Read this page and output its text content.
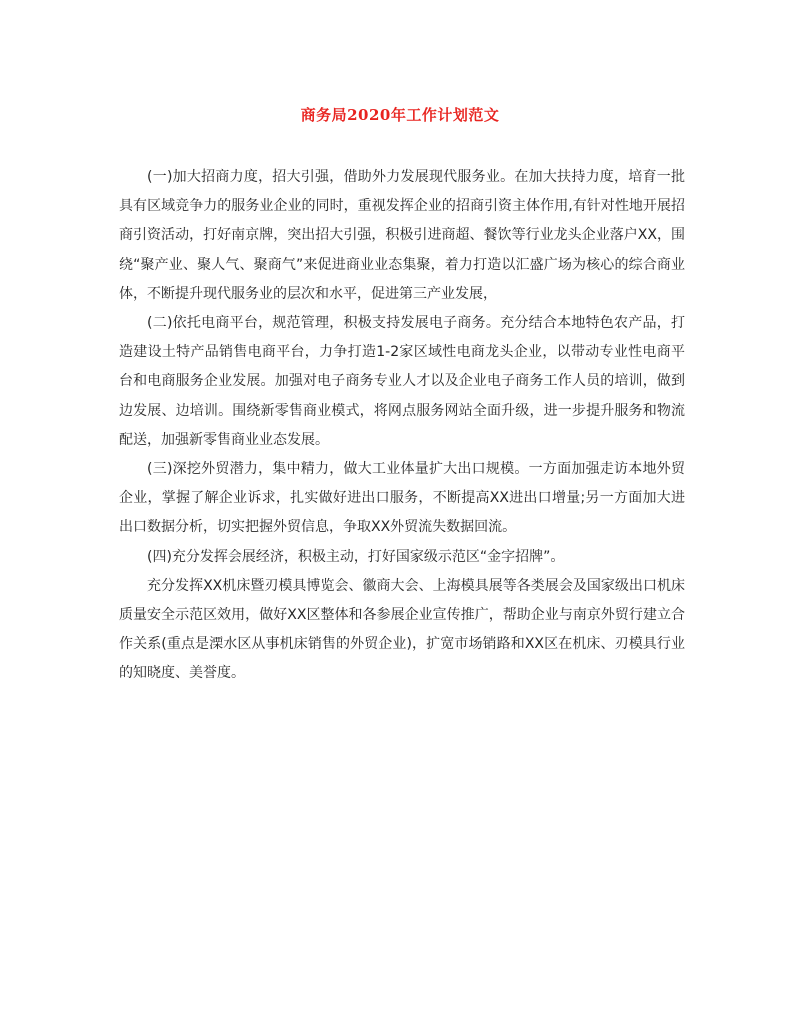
商务局2020年工作计划范文

(一)加大招商力度，招大引强，借助外力发展现代服务业。在加大扶持力度，培育一批具有区域竞争力的服务业企业的同时，重视发挥企业的招商引资主体作用,有针对性地开展招商引资活动，打好南京牌，突出招大引强，积极引进商超、餐饮等行业龙头企业落户XX，围绕“聚产业、聚人气、聚商气”来促进商业业态集聚，着力打造以汇盛广场为核心的综合商业体，不断提升现代服务业的层次和水平，促进第三产业发展，

(二)依托电商平台，规范管理，积极支持发展电子商务。充分结合本地特色农产品，打造建设土特产品销售电商平台，力争打造1-2家区域性电商龙头企业，以带动专业性电商平台和电商服务企业发展。加强对电子商务专业人才以及企业电子商务工作人员的培训，做到边发展、边培训。围绕新零售商业模式，将网点服务网站全面升级，进一步提升服务和物流配送，加强新零售商业业态发展。

(三)深挖外贸潜力，集中精力，做大工业体量扩大出口规模。一方面加强走访本地外贸企业，掌握了解企业诉求，扎实做好进出口服务，不断提高XX进出口增量;另一方面加大进出口数据分析，切实把握外贸信息，争取XX外贸流失数据回流。

(四)充分发挥会展经济，积极主动，打好国家级示范区“金字招牌”。

充分发挥XX机床暨刃模具博览会、徽商大会、上海模具展等各类展会及国家级出口机床质量安全示范区效用，做好XX区整体和各参展企业宣传推广，帮助企业与南京外贸行建立合作关系(重点是溧水区从事机床销售的外贸企业)，扩宽市场销路和XX区在机床、刃模具行业的知晓度、美誉度。
